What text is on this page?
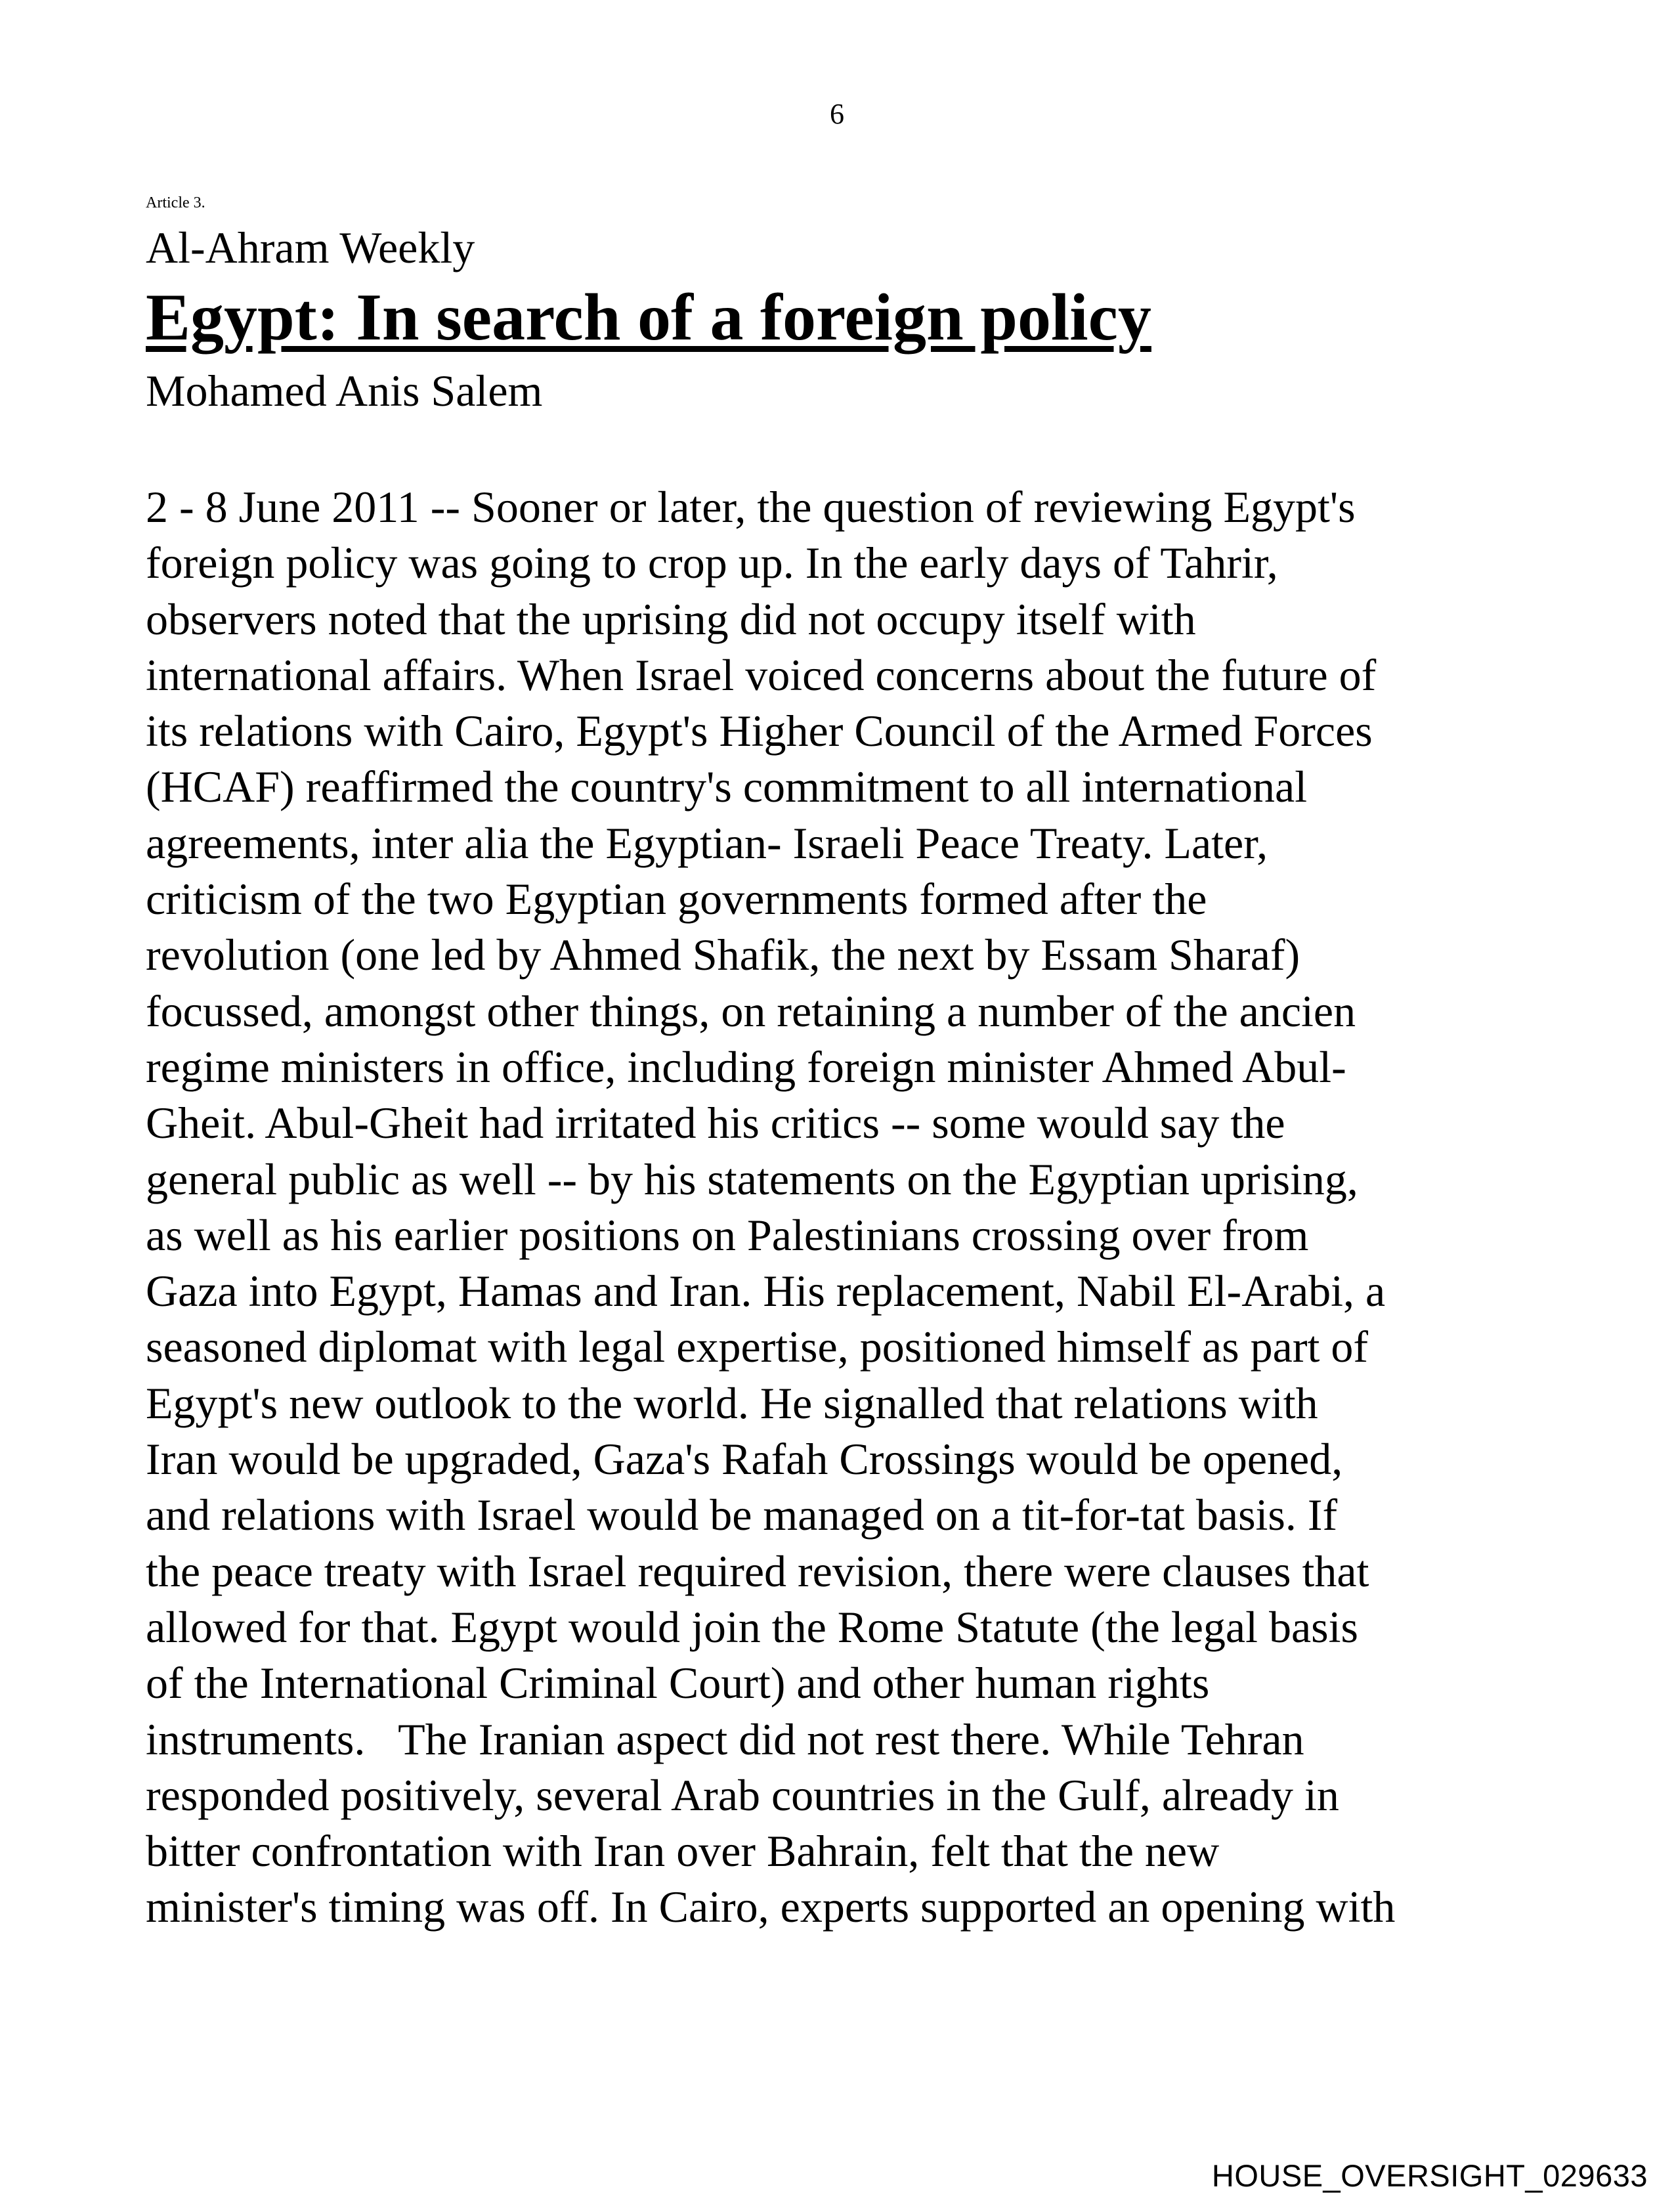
6
Article 3.
Al-Ahram Weekly
Egypt: In search of a foreign policy
Mohamed Anis Salem
2 - 8 June 2011 -- Sooner or later, the question of reviewing Egypt's
foreign policy was going to crop up. In the early days of Tahrir,
observers noted that the uprising did not occupy itself with
international affairs. When Israel voiced concerns about the future of
its relations with Cairo, Egypt's Higher Council of the Armed Forces
(HCAF) reaffirmed the country's commitment to all international
agreements, inter alia the Egyptian- Israeli Peace Treaty. Later,
criticism of the two Egyptian governments formed after the
revolution (one led by Ahmed Shafik, the next by Essam Sharaf)
focussed, amongst other things, on retaining a number of the ancien
regime ministers in office, including foreign minister Ahmed Abul-
Gheit. Abul-Gheit had irritated his critics -- some would say the
general public as well -- by his statements on the Egyptian uprising,
as well as his earlier positions on Palestinians crossing over from
Gaza into Egypt, Hamas and Iran. His replacement, Nabil El-Arabi, a
seasoned diplomat with legal expertise, positioned himself as part of
Egypt's new outlook to the world. He signalled that relations with
Iran would be upgraded, Gaza's Rafah Crossings would be opened,
and relations with Israel would be managed on a tit-for-tat basis. If
the peace treaty with Israel required revision, there were clauses that
allowed for that. Egypt would join the Rome Statute (the legal basis
of the International Criminal Court) and other human rights
instruments.   The Iranian aspect did not rest there. While Tehran
responded positively, several Arab countries in the Gulf, already in
bitter confrontation with Iran over Bahrain, felt that the new
minister's timing was off. In Cairo, experts supported an opening with
HOUSE_OVERSIGHT_029633
